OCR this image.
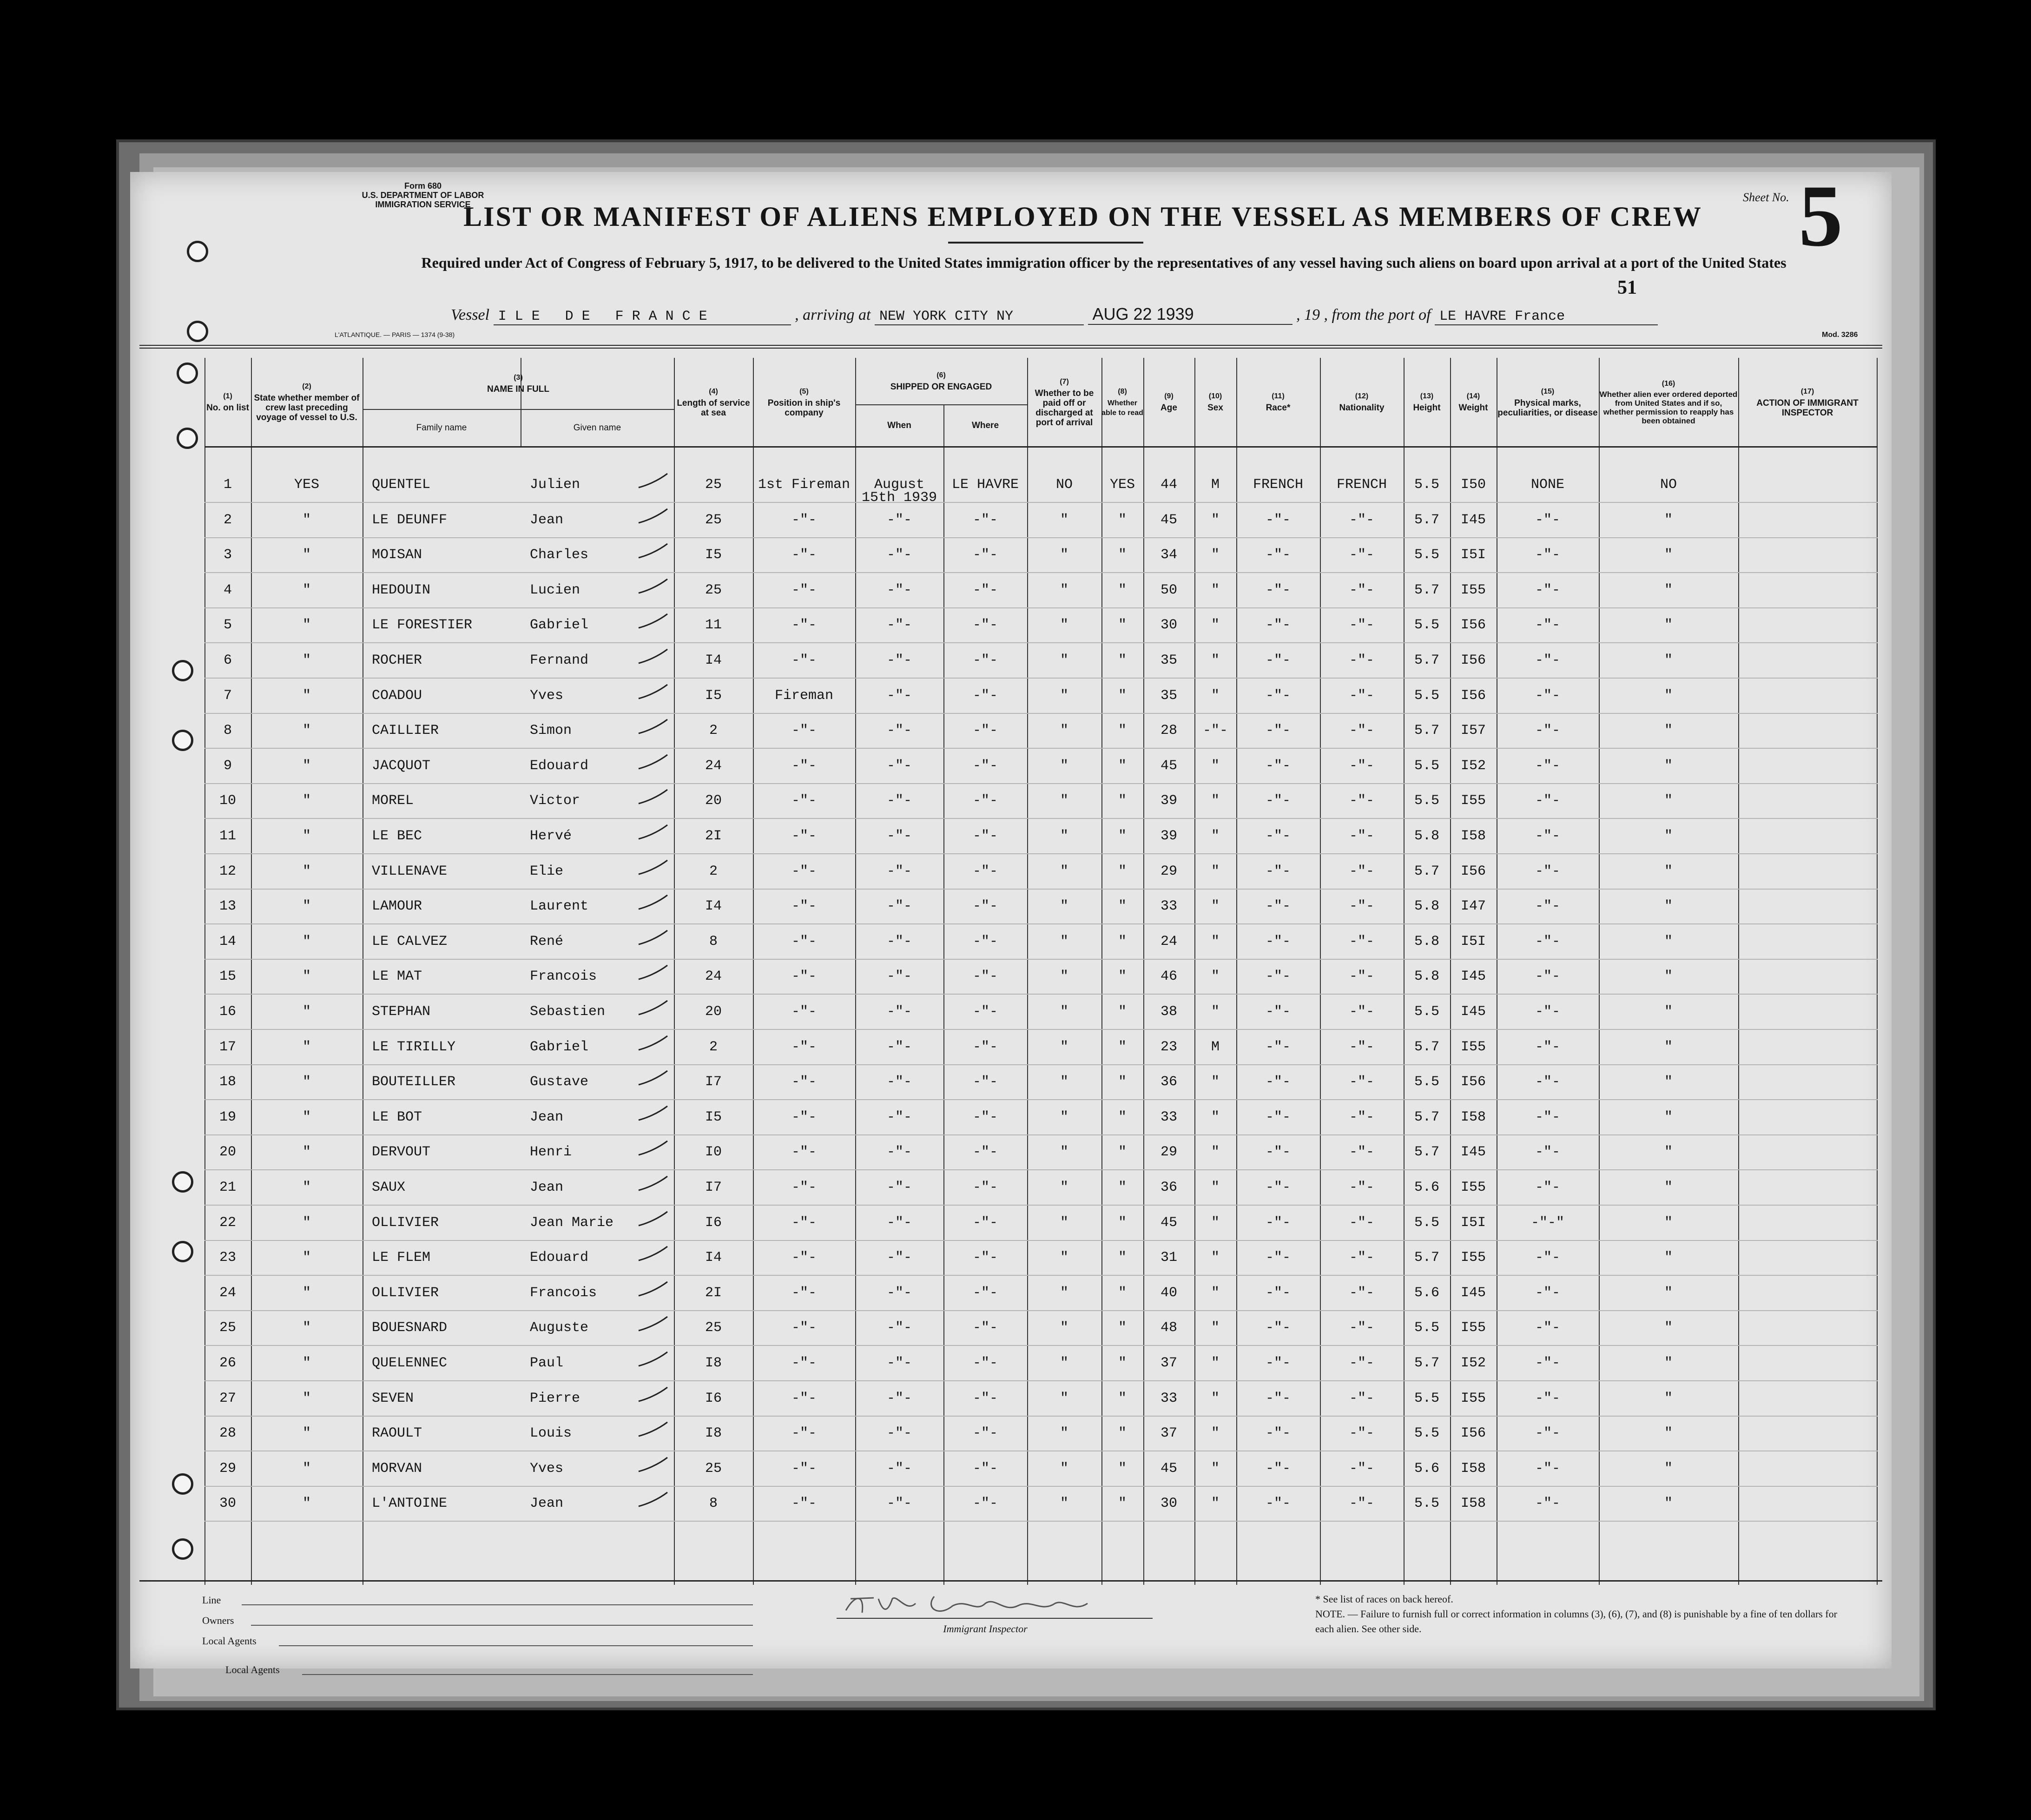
Form 680
U.S. DEPARTMENT OF LABOR
IMMIGRATION SERVICE
LIST OR MANIFEST OF ALIENS EMPLOYED ON THE VESSEL AS MEMBERS OF CREW
Required under Act of Congress of February 5, 1917, to be delivered to the United States immigration officer by the representatives of any vessel having such aliens on board upon arrival at a port of the United States
Sheet No. 5
51
Vessel ILE DE FRANCE	, arriving at NEW YORK CITY NY	AUG 22 1939	, 19 , from the port of LE HAVRE France
L'ATLANTIQUE. — PARIS — 1374 (9-38)	Mod. 3286
(1)
No. on list
(2)
State whether member of crew last preceding voyage of vessel to U.S.
(3)
NAME IN FULL
Family name	Given name
(4)
Length of service at sea
(5)
Position in ship's company
(6)
SHIPPED OR ENGAGED
When	Where
(7)
Whether to be paid off or discharged at port of arrival
(8)
Whether able to read
(9)
Age
(10)
Sex
(11)
Race*
(12)
Nationality
(13)
Height
(14)
Weight
(15)
Physical marks, peculiarities, or disease
(16)
Whether alien ever ordered deported from United States and if so, whether permission to reapply has been obtained
(17)
ACTION OF IMMIGRANT INSPECTOR
1	YES	QUENTEL	Julien	25	1st Fireman	August	LE HAVRE	NO	YES	44	M	FRENCH	FRENCH	5.5	I50	NONE	NO
2	"	LE DEUNFF	Jean	25	-"-	-"-	-"-	"	"	45	"	-"-	-"-	5.7	I45	-"-	"
3	"	MOISAN	Charles	I5	-"-	-"-	-"-	"	"	34	"	-"-	-"-	5.5	I5I	-"-	"
4	"	HEDOUIN	Lucien	25	-"-	-"-	-"-	"	"	50	"	-"-	-"-	5.7	I55	-"-	"
5	"	LE FORESTIER	Gabriel	11	-"-	-"-	-"-	"	"	30	"	-"-	-"-	5.5	I56	-"-	"
6	"	ROCHER	Fernand	I4	-"-	-"-	-"-	"	"	35	"	-"-	-"-	5.7	I56	-"-	"
7	"	COADOU	Yves	I5	Fireman	-"-	-"-	"	"	35	"	-"-	-"-	5.5	I56	-"-	"
8	"	CAILLIER	Simon	2	-"-	-"-	-"-	"	"	28	-"-	-"-	-"-	5.7	I57	-"-	"
9	"	JACQUOT	Edouard	24	-"-	-"-	-"-	"	"	45	"	-"-	-"-	5.5	I52	-"-	"
10	"	MOREL	Victor	20	-"-	-"-	-"-	"	"	39	"	-"-	-"-	5.5	I55	-"-	"
11	"	LE BEC	Hervé	2I	-"-	-"-	-"-	"	"	39	"	-"-	-"-	5.8	I58	-"-	"
12	"	VILLENAVE	Elie	2	-"-	-"-	-"-	"	"	29	"	-"-	-"-	5.7	I56	-"-	"
13	"	LAMOUR	Laurent	I4	-"-	-"-	-"-	"	"	33	"	-"-	-"-	5.8	I47	-"-	"
14	"	LE CALVEZ	René	8	-"-	-"-	-"-	"	"	24	"	-"-	-"-	5.8	I5I	-"-	"
15	"	LE MAT	Francois	24	-"-	-"-	-"-	"	"	46	"	-"-	-"-	5.8	I45	-"-	"
16	"	STEPHAN	Sebastien	20	-"-	-"-	-"-	"	"	38	"	-"-	-"-	5.5	I45	-"-	"
17	"	LE TIRILLY	Gabriel	2	-"-	-"-	-"-	"	"	23	M	-"-	-"-	5.7	I55	-"-	"
18	"	BOUTEILLER	Gustave	I7	-"-	-"-	-"-	"	"	36	"	-"-	-"-	5.5	I56	-"-	"
19	"	LE BOT	Jean	I5	-"-	-"-	-"-	"	"	33	"	-"-	-"-	5.7	I58	-"-	"
20	"	DERVOUT	Henri	I0	-"-	-"-	-"-	"	"	29	"	-"-	-"-	5.7	I45	-"-	"
21	"	SAUX	Jean	I7	-"-	-"-	-"-	"	"	36	"	-"-	-"-	5.6	I55	-"-	"
22	"	OLLIVIER	Jean Marie	I6	-"-	-"-	-"-	"	"	45	"	-"-	-"-	5.5	I5I	-"-"	"
23	"	LE FLEM	Edouard	I4	-"-	-"-	-"-	"	"	31	"	-"-	-"-	5.7	I55	-"-	"
24	"	OLLIVIER	Francois	2I	-"-	-"-	-"-	"	"	40	"	-"-	-"-	5.6	I45	-"-	"
25	"	BOUESNARD	Auguste	25	-"-	-"-	-"-	"	"	48	"	-"-	-"-	5.5	I55	-"-	"
26	"	QUELENNEC	Paul	I8	-"-	-"-	-"-	"	"	37	"	-"-	-"-	5.7	I52	-"-	"
27	"	SEVEN	Pierre	I6	-"-	-"-	-"-	"	"	33	"	-"-	-"-	5.5	I55	-"-	"
28	"	RAOULT	Louis	I8	-"-	-"-	-"-	"	"	37	"	-"-	-"-	5.5	I56	-"-	"
29	"	MORVAN	Yves	25	-"-	-"-	-"-	"	"	45	"	-"-	-"-	5.6	I58	-"-	"
30	"	L'ANTOINE	Jean	8	-"-	-"-	-"-	"	"	30	"	-"-	-"-	5.5	I58	-"-	"
15th 1939
Line
Owners
Local Agents
Local Agents
Immigrant Inspector
* See list of races on back hereof.
NOTE. — Failure to furnish full or correct information in columns (3), (6), (7), and (8) is punishable by a fine of ten dollars for each alien. See other side.
